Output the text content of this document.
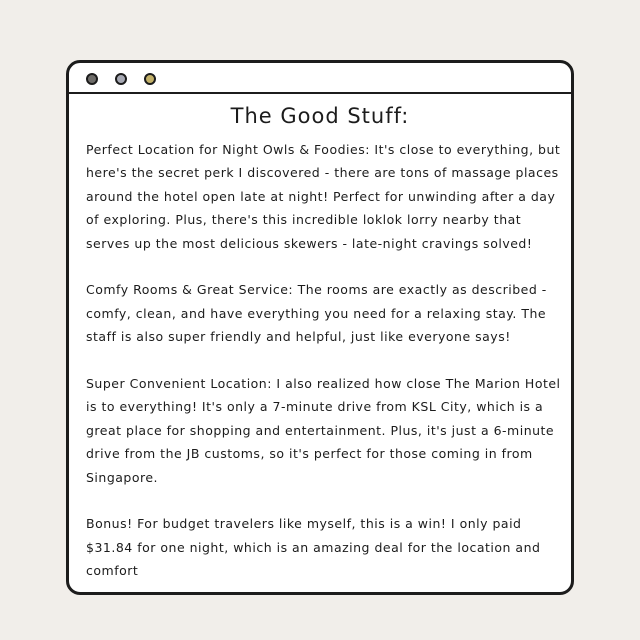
The Good Stuff:

Perfect Location for Night Owls & Foodies: It's close to everything, but here's the secret perk I discovered - there are tons of massage places around the hotel open late at night! Perfect for unwinding after a day of exploring. Plus, there's this incredible loklok lorry nearby that serves up the most delicious skewers - late-night cravings solved!

Comfy Rooms & Great Service: The rooms are exactly as described - comfy, clean, and have everything you need for a relaxing stay. The staff is also super friendly and helpful, just like everyone says!

Super Convenient Location: I also realized how close The Marion Hotel is to everything! It's only a 7-minute drive from KSL City, which is a great place for shopping and entertainment. Plus, it's just a 6-minute drive from the JB customs, so it's perfect for those coming in from Singapore.

Bonus! For budget travelers like myself, this is a win! I only paid $31.84 for one night, which is an amazing deal for the location and comfort
